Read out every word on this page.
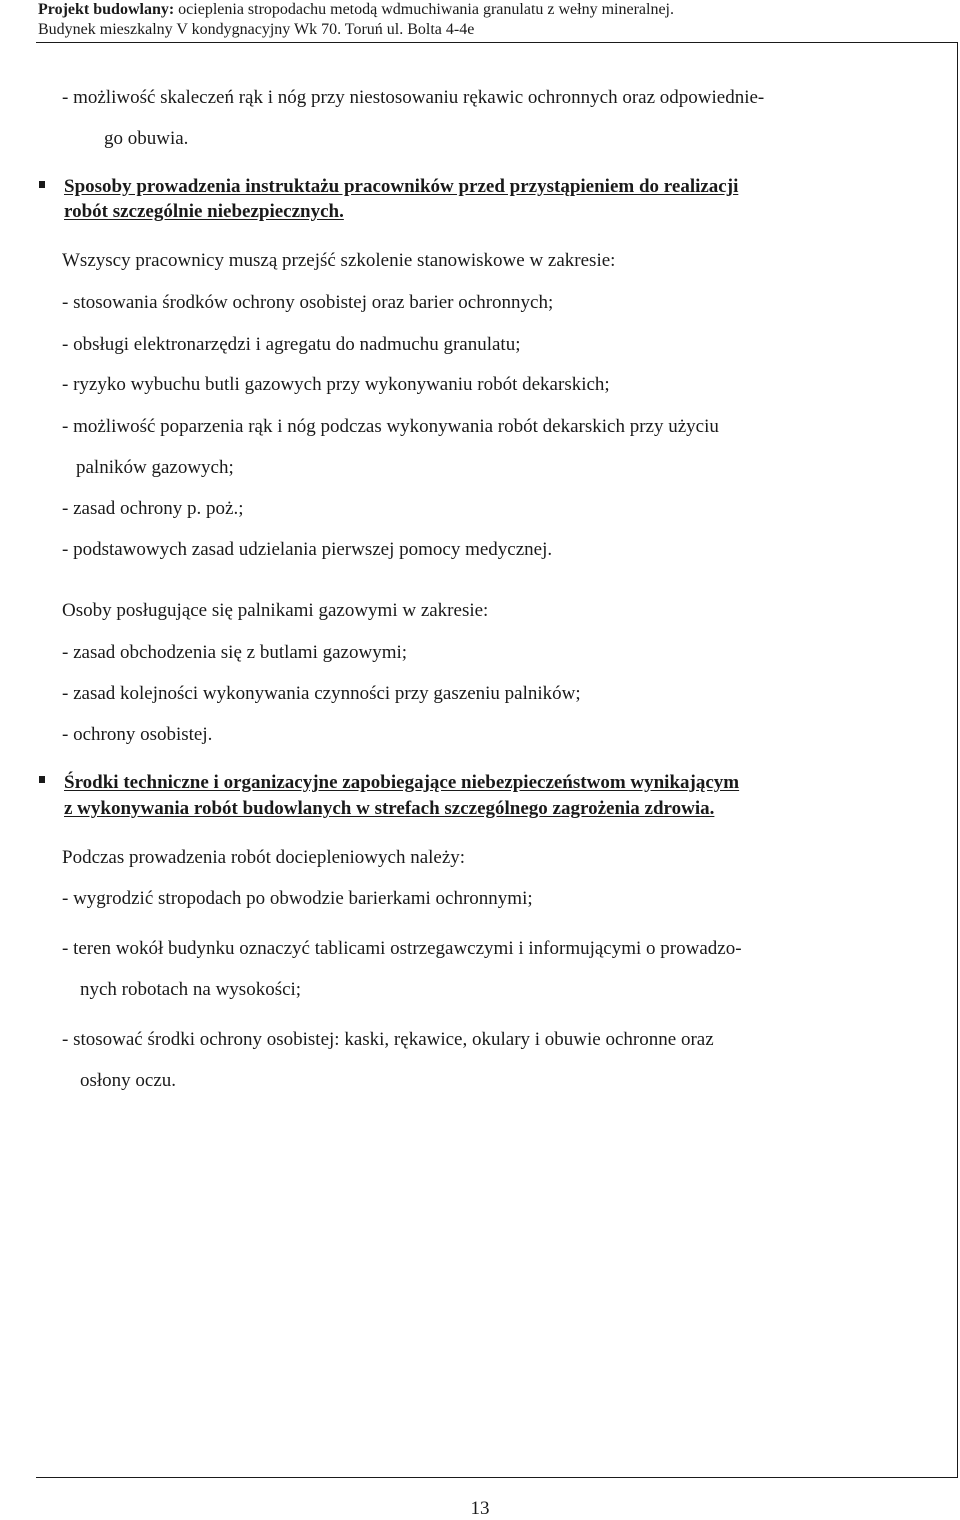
Projekt budowlany: ocieplenia stropodachu metodą wdmuchiwania granulatu z wełny mineralnej.
Budynek mieszkalny V kondygnacyjny Wk 70. Toruń ul. Bolta 4-4e
- możliwość skaleczeń rąk i nóg przy niestosowaniu rękawic ochronnych oraz odpowiednie-
go obuwia.
Sposoby prowadzenia instruktażu pracowników przed przystąpieniem do realizacji
robót szczególnie niebezpiecznych.
Wszyscy pracownicy muszą przejść szkolenie stanowiskowe w zakresie:
- stosowania środków ochrony osobistej oraz barier ochronnych;
- obsługi elektronarzędzi i agregatu do nadmuchu granulatu;
- ryzyko wybuchu butli gazowych przy wykonywaniu robót dekarskich;
- możliwość poparzenia rąk i nóg podczas wykonywania robót dekarskich przy użyciu
palników gazowych;
- zasad ochrony p. poż.;
- podstawowych zasad udzielania pierwszej pomocy medycznej.
Osoby posługujące się palnikami gazowymi w zakresie:
- zasad obchodzenia się z butlami gazowymi;
- zasad kolejności wykonywania czynności przy gaszeniu palników;
- ochrony osobistej.
Środki techniczne i organizacyjne zapobiegające niebezpieczeństwom wynikającym
z wykonywania robót budowlanych w strefach szczególnego zagrożenia zdrowia.
Podczas prowadzenia robót dociepleniowych należy:
- wygrodzić stropodach po obwodzie barierkami ochronnymi;
- teren wokół budynku oznaczyć tablicami ostrzegawczymi i informującymi o prowadzo-
nych robotach na wysokości;
- stosować środki ochrony osobistej: kaski, rękawice, okulary i obuwie ochronne oraz
osłony oczu.
13
